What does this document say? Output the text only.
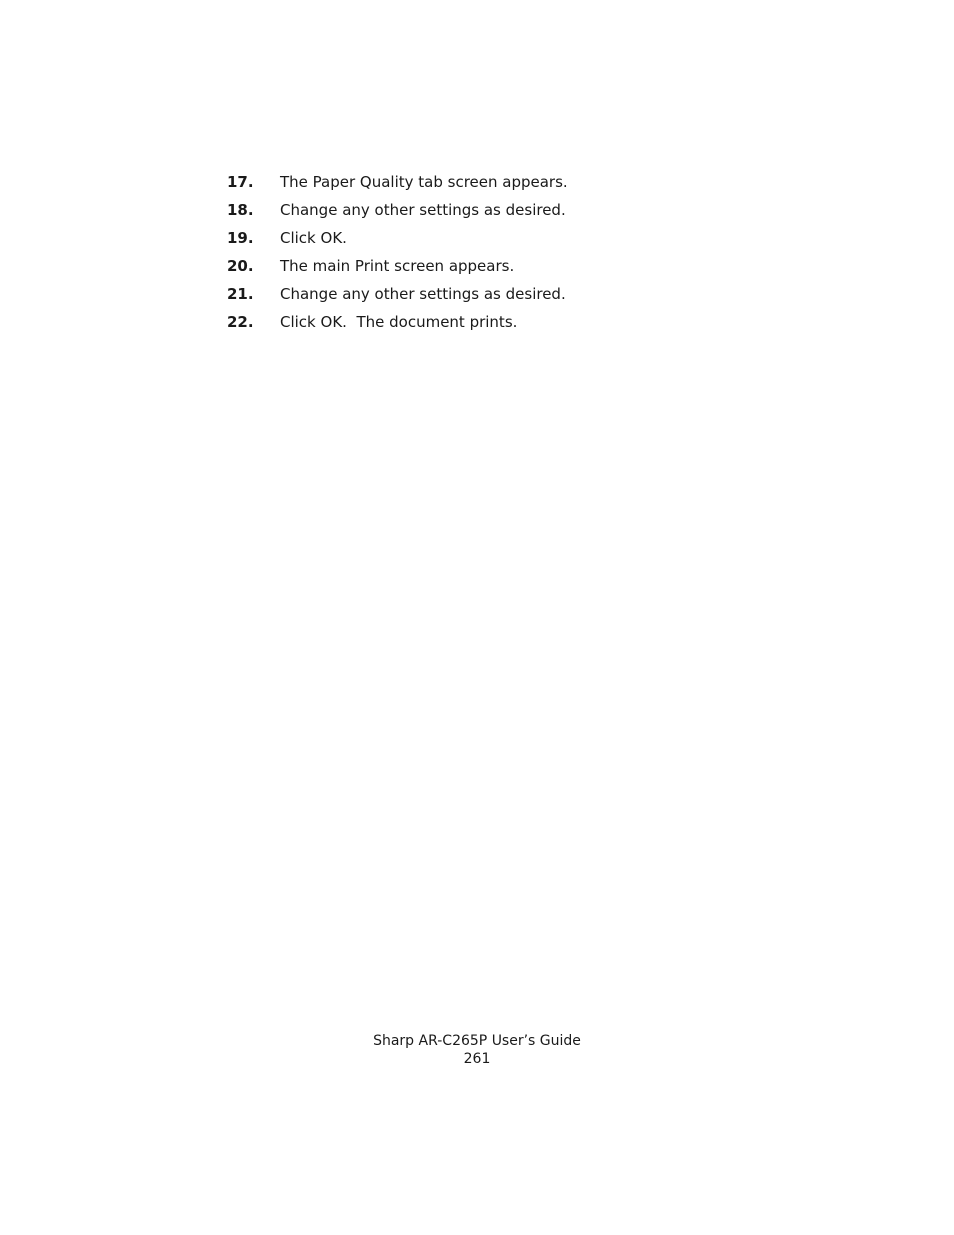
17.	The Paper Quality tab screen appears.
18.	Change any other settings as desired.
19.	Click OK.
20.	The main Print screen appears.
21.	Change any other settings as desired.
22.	Click OK.  The document prints.
Sharp AR-C265P User’s Guide
261
